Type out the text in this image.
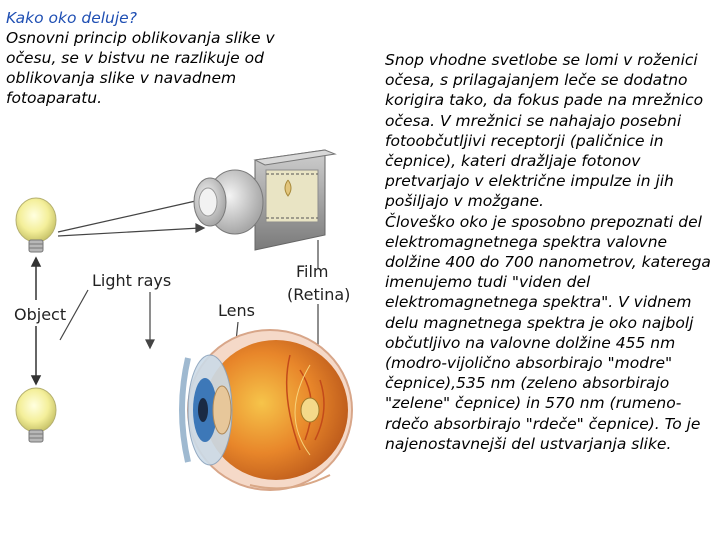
Kako oko deluje?
Osnovni princip oblikovanja slike v očesu, se v bistvu ne razlikuje od oblikovanja slike v navadnem fotoaparatu.
Light rays
Object	Lens
Film
(Retina)

Snop vhodne svetlobe se lomi v roženici očesa, s prilagajanjem leče se dodatno korigira tako, da fokus pade na mrežnico očesa. V mrežnici se nahajajo posebni fotoobčutljivi receptorji (paličnice in čepnice), kateri dražljaje fotonov pretvarjajo v električne impulze in jih pošiljajo v možgane.

Človeško oko je sposobno prepoznati del elektromagnetnega spektra valovne dolžine 400 do 700 nanometrov, katerega imenujemo tudi "viden del elektromagnetnega spektra". V vidnem delu magnetnega spektra je oko najbolj občutljivo na valovne dolžine 455 nm (modro-vijolično absorbirajo "modre" čepnice),535 nm (zeleno absorbirajo "zelene" čepnice) in 570 nm (rumeno-rdečo absorbirajo "rdeče" čepnice). To je najenostavnejši del ustvarjanja slike.
